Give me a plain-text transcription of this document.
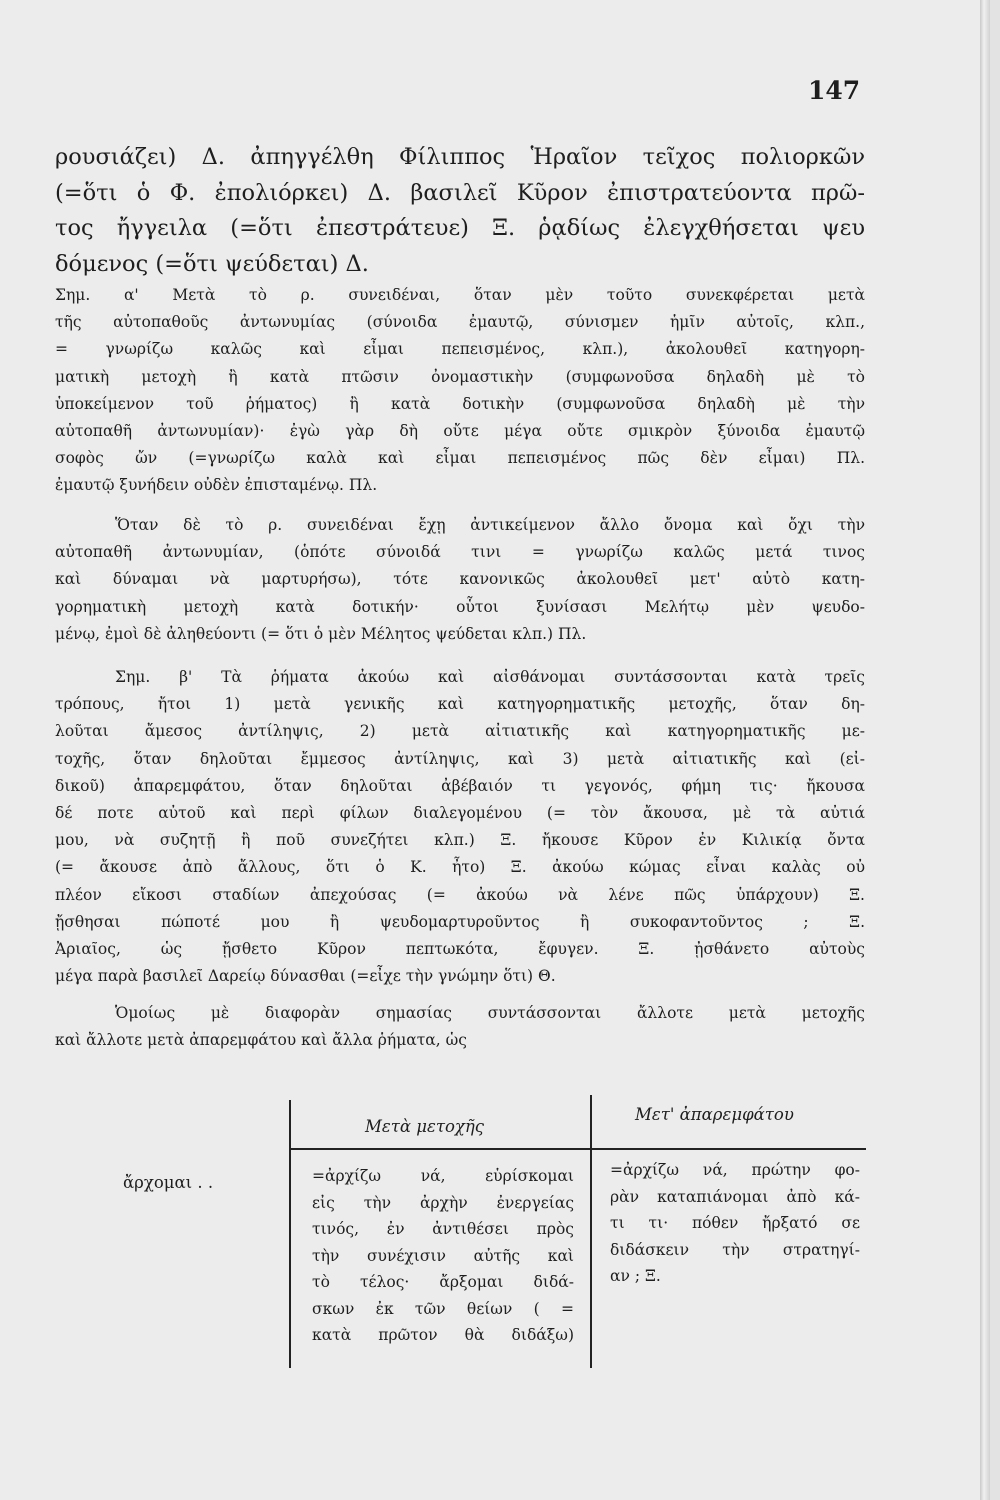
147

ρουσιάζει) Δ. ἀπηγγέλθη Φίλιππος Ἡραῖον τεῖχος πολιορκῶν

(=ὅτι ὁ Φ. ἐπολιόρκει) Δ. βασιλεῖ Κῦρον ἐπιστρατεύοντα πρῶ-

τος ἤγγειλα (=ὅτι ἐπεστράτευε) Ξ. ῥᾳδίως ἐλεγχθήσεται ψευ

δόμενος (=ὅτι ψεύδεται) Δ.

Σημ. α' Μετὰ τὸ ρ. συνειδέναι, ὅταν μὲν τοῦτο συνεκφέρεται μετὰ

τῆς αὐτοπαθοῦς ἀντωνυμίας (σύνοιδα ἐμαυτῷ, σύνισμεν ἡμῖν αὐτοῖς, κλπ.,

= γνωρίζω καλῶς καὶ εἶμαι πεπεισμένος, κλπ.), ἀκολουθεῖ κατηγορη-

ματικὴ μετοχὴ ἢ κατὰ πτῶσιν ὀνομαστικὴν (συμφωνοῦσα δηλαδὴ μὲ τὸ

ὑποκείμενον τοῦ ῥήματος) ἢ κατὰ δοτικὴν (συμφωνοῦσα δηλαδὴ μὲ τὴν

αὐτοπαθῆ ἀντωνυμίαν)· ἐγὼ γὰρ δὴ οὔτε μέγα οὔτε σμικρὸν ξύνοιδα ἐμαυτῷ

σοφὸς ὤν (=γνωρίζω καλὰ καὶ εἶμαι πεπεισμένος πῶς δὲν εἶμαι) Πλ.

ἐμαυτῷ ξυνήδειν οὐδὲν ἐπισταμένῳ. Πλ.

Ὅταν δὲ τὸ ρ. συνειδέναι ἔχῃ ἀντικείμενον ἄλλο ὄνομα καὶ ὄχι τὴν

αὐτοπαθῆ ἀντωνυμίαν, (ὁπότε σύνοιδά τινι = γνωρίζω καλῶς μετά τινος

καὶ δύναμαι νὰ μαρτυρήσω), τότε κανονικῶς ἀκολουθεῖ μετ' αὐτὸ κατη-

γορηματικὴ μετοχὴ κατὰ δοτικήν· οὗτοι ξυνίσασι Μελήτῳ μὲν ψευδο-

μένῳ, ἐμοὶ δὲ ἀληθεύοντι (= ὅτι ὁ μὲν Μέλητος ψεύδεται κλπ.) Πλ.

Σημ. β' Τὰ ῥήματα ἀκούω καὶ αἰσθάνομαι συντάσσονται κατὰ τρεῖς

τρόπους, ἤτοι 1) μετὰ γενικῆς καὶ κατηγορηματικῆς μετοχῆς, ὅταν δη-

λοῦται ἄμεσος ἀντίληψις, 2) μετὰ αἰτιατικῆς καὶ κατηγορηματικῆς με-

τοχῆς, ὅταν δηλοῦται ἔμμεσος ἀντίληψις, καὶ 3) μετὰ αἰτιατικῆς καὶ (εἰ-

δικοῦ) ἀπαρεμφάτου, ὅταν δηλοῦται ἀβέβαιόν τι γεγονός, φήμη τις· ἤκουσα

δέ ποτε αὐτοῦ καὶ περὶ φίλων διαλεγομένου (= τὸν ἄκουσα, μὲ τὰ αὐτιά

μου, νὰ συζητῇ ἢ ποῦ συνεζήτει κλπ.) Ξ. ἤκουσε Κῦρον ἐν Κιλικίᾳ ὄντα

(= ἄκουσε ἀπὸ ἄλλους, ὅτι ὁ Κ. ἦτο) Ξ. ἀκούω κώμας εἶναι καλὰς οὐ

πλέον εἴκοσι σταδίων ἀπεχούσας (= ἀκούω νὰ λένε πῶς ὑπάρχουν) Ξ.

ᾔσθησαι πώποτέ μου ἢ ψευδομαρτυροῦντος ἢ συκοφαντοῦντος ; Ξ.

Ἀριαῖος, ὡς ᾔσθετο Κῦρον πεπτωκότα, ἔφυγεν. Ξ. ᾐσθάνετο αὐτοὺς

μέγα παρὰ βασιλεῖ Δαρείῳ δύνασθαι (=εἶχε τὴν γνώμην ὅτι) Θ.

Ὁμοίως μὲ διαφορὰν σημασίας συντάσσονται ἄλλοτε μετὰ μετοχῆς

καὶ ἄλλοτε μετὰ ἀπαρεμφάτου καὶ ἄλλα ῥήματα, ὡς

Μετὰ μετοχῆς
Μετ' ἀπαρεμφάτου
ἄρχομαι . .	=ἀρχίζω νά, εὑρίσκομαι

εἰς τὴν ἀρχὴν ἐνεργείας

τινός, ἐν ἀντιθέσει πρὸς

τὴν συνέχισιν αὐτῆς καὶ

τὸ τέλος· ἄρξομαι διδά-

σκων ἐκ τῶν θείων ( =

κατὰ πρῶτον θὰ διδάξω)

=ἀρχίζω νά, πρώτην φο-

ρὰν καταπιάνομαι ἀπὸ κά-

τι τι· πόθεν ἤρξατό σε

διδάσκειν τὴν στρατηγί-

αν ; Ξ.
